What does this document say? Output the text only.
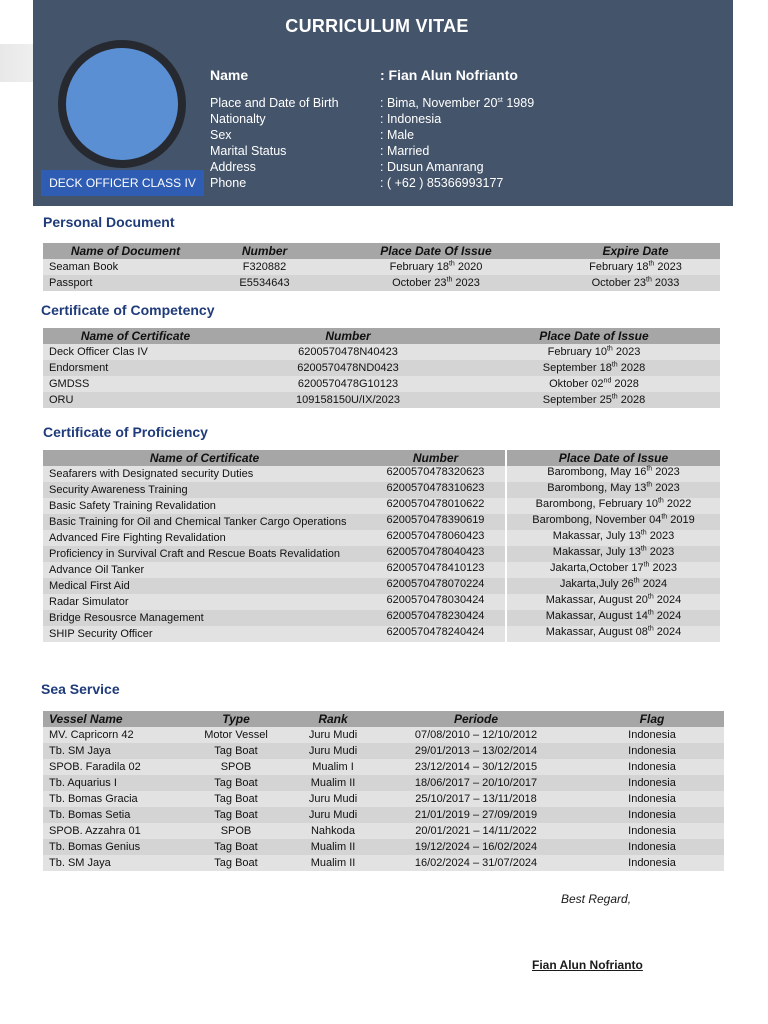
CURRICULUM VITAE
DECK OFFICER CLASS IV
Name	: Fian Alun Nofrianto
Place and Date of Birth	: Bima, November 20st 1989
Nationalty	: Indonesia
Sex	: Male
Marital Status	: Married
Address	: Dusun Amanrang
Phone	: ( +62 ) 85366993177
Personal Document
Name of Document	Number	Place Date Of Issue	Expire Date
Seaman Book	F320882	February 18th 2020	February 18th 2023
Passport	E5534643	October 23th 2023	October 23th 2033
Certificate of Competency
Name of Certificate	Number	Place Date of Issue
Deck Officer Clas IV	6200570478N40423	February 10th 2023
Endorsment	6200570478ND0423	September 18th 2028
GMDSS	6200570478G10123	Oktober 02nd 2028
ORU	109158150U/IX/2023	September 25th 2028
Certificate of Proficiency
Name of Certificate	Number	Place Date of Issue
Seafarers with Designated security Duties	6200570478320623	Barombong, May 16th 2023
Security Awareness Training	6200570478310623	Barombong, May 13th 2023
Basic Safety Training Revalidation	6200570478010622	Barombong, February 10th 2022
Basic Training for Oil and Chemical Tanker Cargo Operations	6200570478390619	Barombong, November 04th 2019
Advanced Fire Fighting Revalidation	6200570478060423	Makassar, July 13th 2023
Proficiency in Survival Craft and Rescue Boats Revalidation	6200570478040423	Makassar, July 13th 2023
Advance Oil Tanker	6200570478410123	Jakarta,October 17th 2023
Medical First Aid	6200570478070224	Jakarta,July 26th 2024
Radar Simulator	6200570478030424	Makassar, August 20th 2024
Bridge Resousrce Management	6200570478230424	Makassar, August 14th 2024
SHIP Security Officer	6200570478240424	Makassar, August 08th 2024
Sea Service
Vessel Name	Type	Rank	Periode	Flag
MV. Capricorn 42	Motor Vessel	Juru Mudi	07/08/2010 – 12/10/2012	Indonesia
Tb. SM Jaya	Tag Boat	Juru Mudi	29/01/2013 – 13/02/2014	Indonesia
SPOB. Faradila 02	SPOB	Mualim I	23/12/2014 – 30/12/2015	Indonesia
Tb. Aquarius I	Tag Boat	Mualim II	18/06/2017 – 20/10/2017	Indonesia
Tb. Bomas Gracia	Tag Boat	Juru Mudi	25/10/2017 – 13/11/2018	Indonesia
Tb. Bomas Setia	Tag Boat	Juru Mudi	21/01/2019 – 27/09/2019	Indonesia
SPOB. Azzahra 01	SPOB	Nahkoda	20/01/2021 – 14/11/2022	Indonesia
Tb. Bomas Genius	Tag Boat	Mualim II	19/12/2024 – 16/02/2024	Indonesia
Tb. SM Jaya	Tag Boat	Mualim II	16/02/2024 – 31/07/2024	Indonesia
Best Regard,
Fian Alun Nofrianto
